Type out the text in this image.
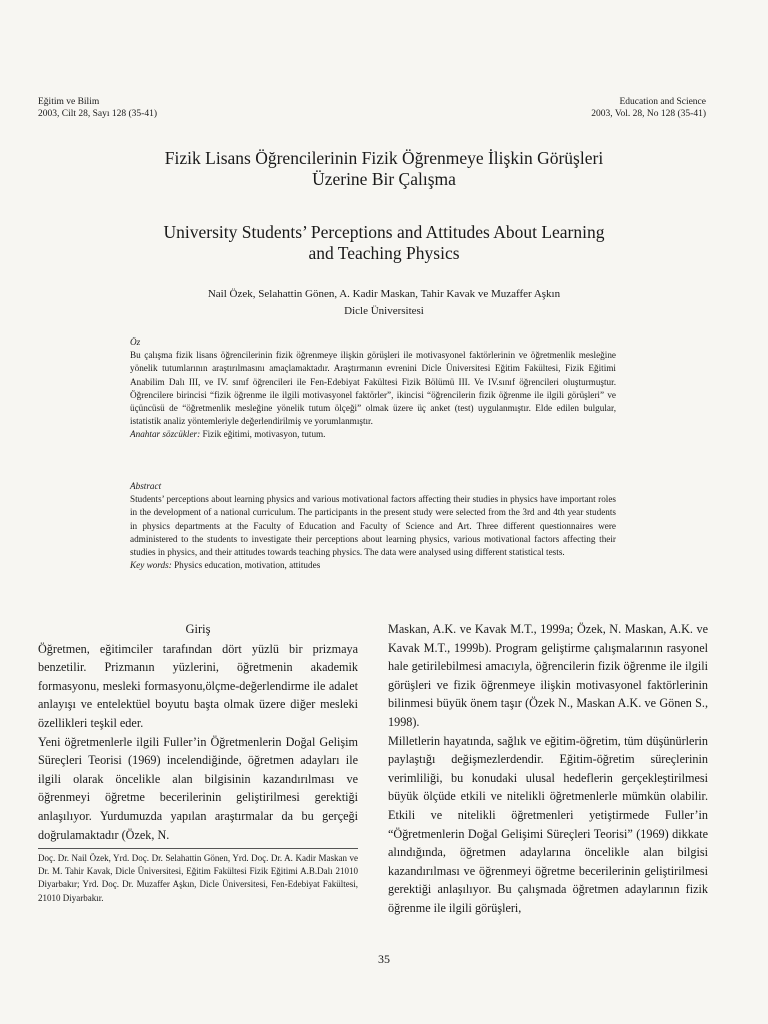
Eğitim ve Bilim
2003, Cilt 28, Sayı 128 (35-41)
Education and Science
2003, Vol. 28, No 128 (35-41)
Fizik Lisans Öğrencilerinin Fizik Öğrenmeye İlişkin Görüşleri
Üzerine Bir Çalışma
University Students’ Perceptions and Attitudes About Learning
and Teaching Physics
Nail Özek, Selahattin Gönen, A. Kadir Maskan, Tahir Kavak ve Muzaffer Aşkın
Dicle Üniversitesi
Öz

Bu çalışma fizik lisans öğrencilerinin fizik öğrenmeye ilişkin görüşleri ile motivasyonel faktörlerinin ve öğretmenlik mesleğine yönelik tutumlarının araştırılmasını amaçlamaktadır. Araştırmanın evrenini Dicle Üniversitesi Eğitim Fakültesi, Fizik Eğitimi Anabilim Dalı III, ve IV. sınıf öğrencileri ile Fen-Edebiyat Fakültesi Fizik Bölümü III. Ve IV.sınıf öğrencileri oluşturmuştur. Öğrencilere birincisi “fizik öğrenme ile ilgili motivasyonel faktörler”, ikincisi “öğrencilerin fizik öğrenme ile ilgili görüşleri” ve üçüncüsü de “öğretmenlik mesleğine yönelik tutum ölçeği” olmak üzere üç anket (test) uygulanmıştır. Elde edilen bulgular, istatistik analiz yöntemleriyle değerlendirilmiş ve yorumlanmıştır.
Anahtar sözcükler: Fizik eğitimi, motivasyon, tutum.

Abstract

Students’ perceptions about learning physics and various motivational factors affecting their studies in physics have important roles in the development of a national curriculum. The participants in the present study were selected from the 3rd and 4th year students in physics departments at the Faculty of Education and Faculty of Science and Art. Three different questionnaires were administered to the students to investigate their perceptions about learning physics, various motivational factors affecting their studies in physics, and their attitudes towards teaching physics. The data were analysed using different statistical tests.
Key words: Physics education, motivation, attitudes

Giriş

Öğretmen, eğitimciler tarafından dört yüzlü bir prizmaya benzetilir. Prizmanın yüzlerini, öğretmenin akademik formasyonu, mesleki formasyonu,ölçme-değerlendirme ile adalet anlayışı ve entelektüel boyutu başta olmak üzere diğer mesleki özellikleri teşkil eder.

Yeni öğretmenlerle ilgili Fuller’in Öğretmenlerin Doğal Gelişim Süreçleri Teorisi (1969) incelendiğinde, öğretmen adayları ile ilgili olarak öncelikle alan bilgisinin kazandırılması ve öğrenmeyi öğretme becerilerinin geliştirilmesi gerektiği anlaşılıyor. Yurdumuzda yapılan araştırmalar da bu gerçeği doğrulamaktadır (Özek, N.

Doç. Dr. Nail Özek, Yrd. Doç. Dr. Selahattin Gönen, Yrd. Doç. Dr. A. Kadir Maskan ve Dr. M. Tahir Kavak, Dicle Üniversitesi, Eğitim Fakültesi Fizik Eğitimi A.B.Dalı 21010 Diyarbakır; Yrd. Doç. Dr. Muzaffer Aşkın, Dicle Üniversitesi, Fen-Edebiyat Fakültesi, 21010 Diyarbakır.

Maskan, A.K. ve Kavak M.T., 1999a; Özek, N. Maskan, A.K. ve Kavak M.T., 1999b). Program geliştirme çalışmalarının rasyonel hale getirilebilmesi amacıyla, öğrencilerin fizik öğrenme ile ilgili görüşleri ve fizik öğrenmeye ilişkin motivasyonel faktörlerinin bilinmesi büyük önem taşır (Özek N., Maskan A.K. ve Gönen S., 1998).

Milletlerin hayatında, sağlık ve eğitim-öğretim, tüm düşünürlerin paylaştığı değişmezlerdendir. Eğitim-öğretim süreçlerinin verimliliği, bu konudaki ulusal hedeflerin gerçekleştirilmesi büyük ölçüde etkili ve nitelikli öğretmenlerle mümkün olabilir. Etkili ve nitelikli öğretmenleri yetiştirmede Fuller’in “Öğretmenlerin Doğal Gelişimi Süreçleri Teorisi” (1969) dikkate alındığında, öğretmen adaylarına öncelikle alan bilgisi kazandırılması ve öğrenmeyi öğretme becerilerinin geliştirilmesi gerektiği anlaşılıyor. Bu çalışmada öğretmen adaylarının fizik öğrenme ile ilgili görüşleri,

35
